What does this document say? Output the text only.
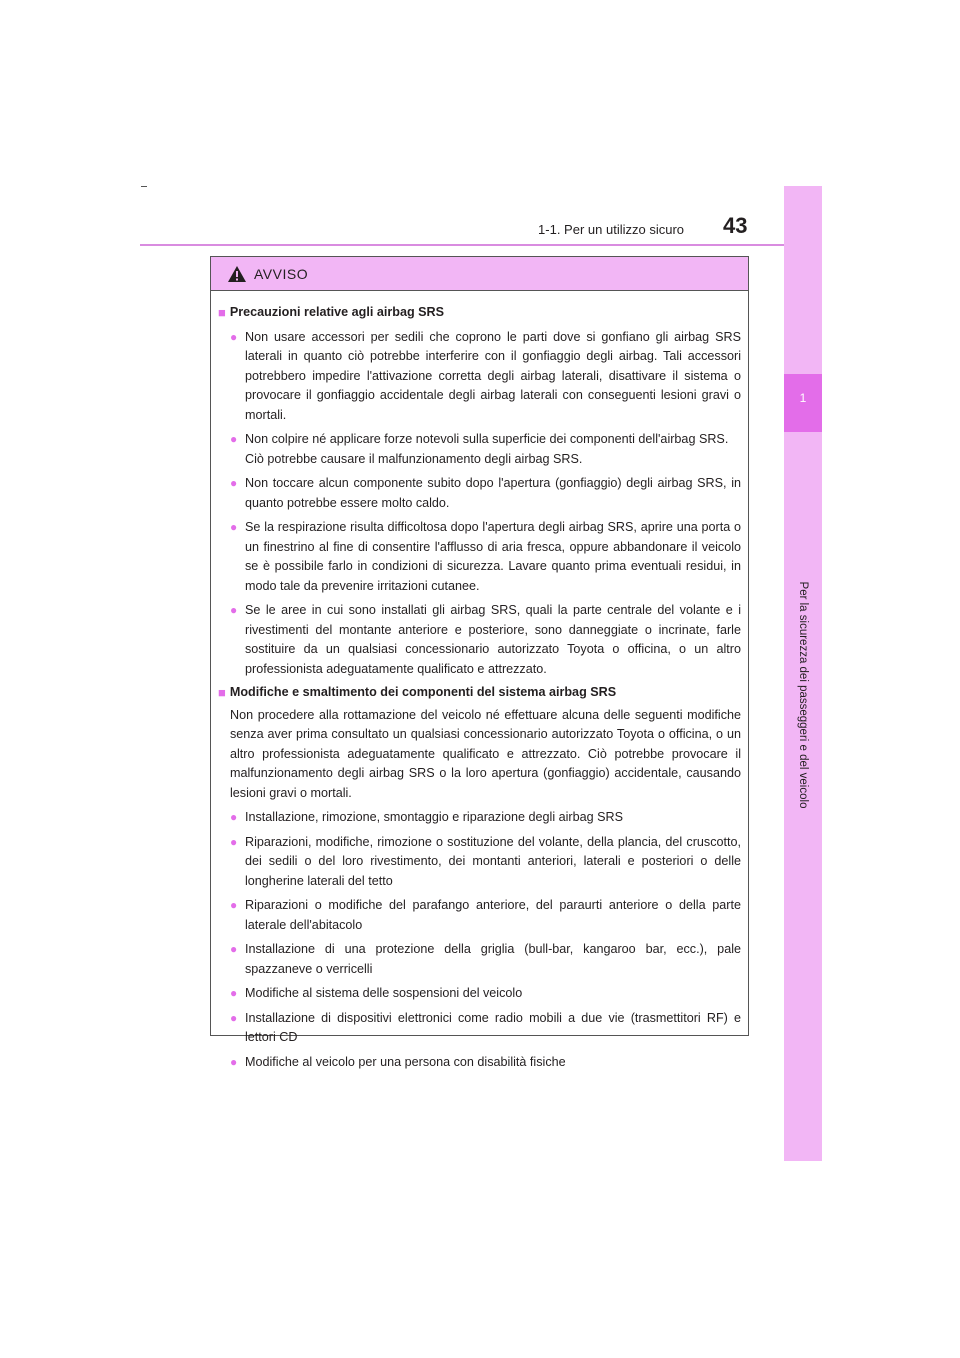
43
1-1. Per un utilizzo sicuro
1
Per la sicurezza dei passeggeri e del veicolo
AVVISO
■ Precauzioni relative agli airbag SRS
● Non usare accessori per sedili che coprono le parti dove si gonfiano gli airbag SRS laterali in quanto ciò potrebbe interferire con il gonfiaggio degli airbag. Tali accessori potrebbero impedire l'attivazione corretta degli airbag laterali, disattivare il sistema o provocare il gonfiaggio accidentale degli airbag laterali con conseguenti lesioni gravi o mortali.
● Non colpire né applicare forze notevoli sulla superficie dei componenti dell'airbag SRS.
Ciò potrebbe causare il malfunzionamento degli airbag SRS.
● Non toccare alcun componente subito dopo l'apertura (gonfiaggio) degli airbag SRS, in quanto potrebbe essere molto caldo.
● Se la respirazione risulta difficoltosa dopo l'apertura degli airbag SRS, aprire una porta o un finestrino al fine di consentire l'afflusso di aria fresca, oppure abbandonare il veicolo se è possibile farlo in condizioni di sicurezza. Lavare quanto prima eventuali residui, in modo tale da prevenire irritazioni cutanee.
● Se le aree in cui sono installati gli airbag SRS, quali la parte centrale del volante e i rivestimenti del montante anteriore e posteriore, sono danneggiate o incrinate, farle sostituire da un qualsiasi concessionario autorizzato Toyota o officina, o un altro professionista adeguatamente qualificato e attrezzato.
■ Modifiche e smaltimento dei componenti del sistema airbag SRS
Non procedere alla rottamazione del veicolo né effettuare alcuna delle seguenti modifiche senza aver prima consultato un qualsiasi concessionario autorizzato Toyota o officina, o un altro professionista adeguatamente qualificato e attrezzato. Ciò potrebbe provocare il malfunzionamento degli airbag SRS o la loro apertura (gonfiaggio) accidentale, causando lesioni gravi o mortali.
● Installazione, rimozione, smontaggio e riparazione degli airbag SRS
● Riparazioni, modifiche, rimozione o sostituzione del volante, della plancia, del cruscotto, dei sedili o del loro rivestimento, dei montanti anteriori, laterali e posteriori o delle longherine laterali del tetto
● Riparazioni o modifiche del parafango anteriore, del paraurti anteriore o della parte laterale dell'abitacolo
● Installazione di una protezione della griglia (bull-bar, kangaroo bar, ecc.), pale spazzaneve o verricelli
● Modifiche al sistema delle sospensioni del veicolo
● Installazione di dispositivi elettronici come radio mobili a due vie (trasmettitori RF) e lettori CD
● Modifiche al veicolo per una persona con disabilità fisiche
